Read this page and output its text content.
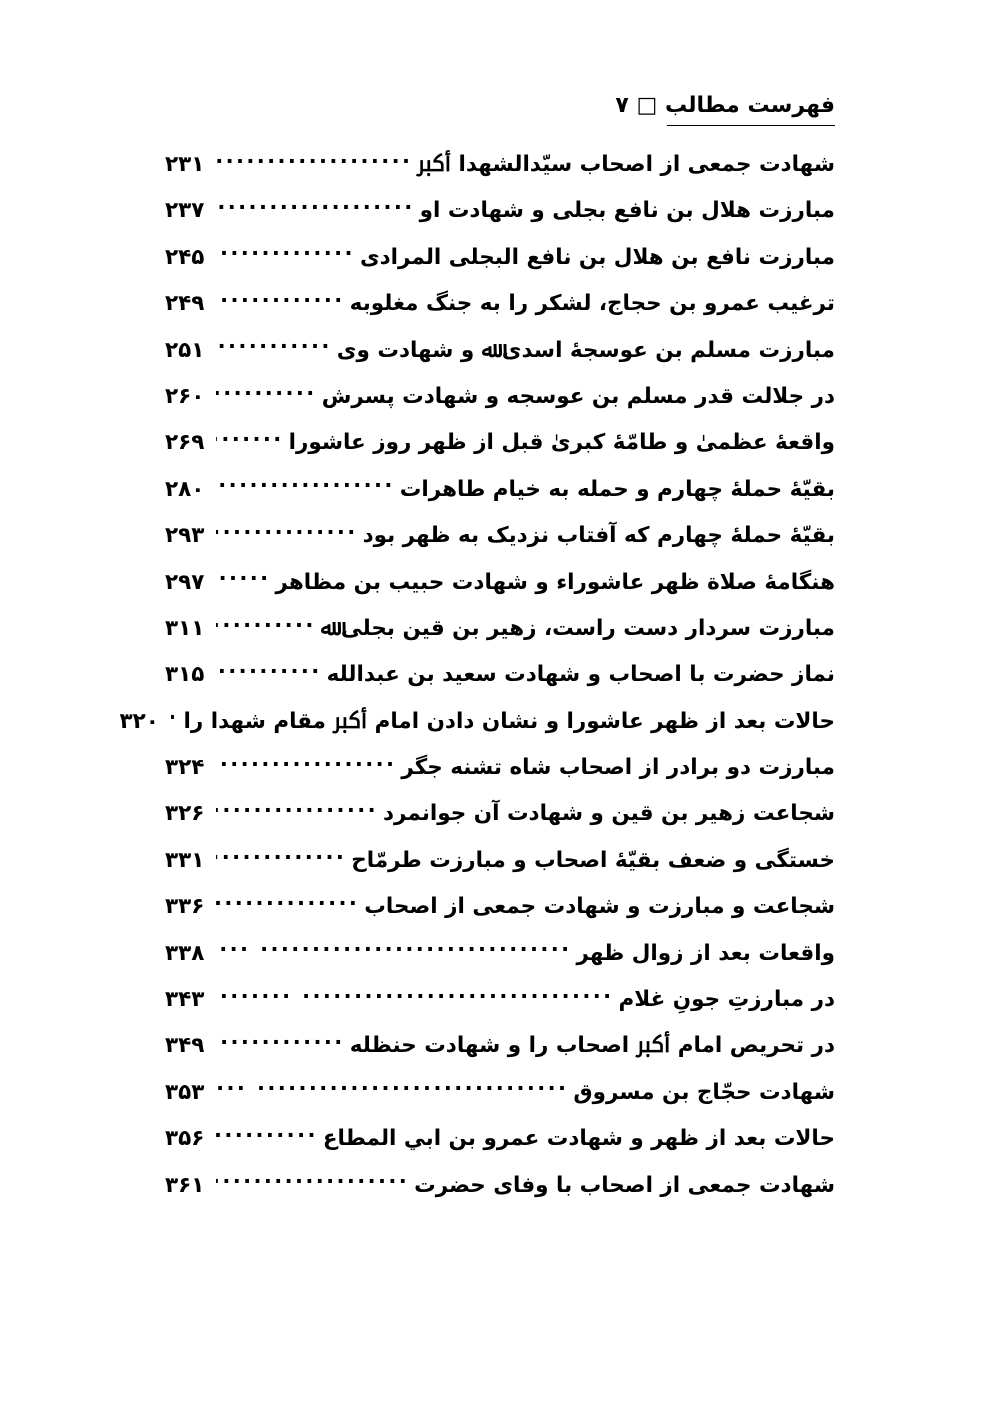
فهرست مطالب □ ۷
شهادت جمعی از اصحاب سیّدالشهدا ﷳ
.....
۲۳۱
مبارزت هلال بن نافع بجلی و شهادت او
.....
۲۳۷
مبارزت نافع بن هلال بن نافع البجلی المرادی
.....
۲۴۵
ترغیب عمرو بن حجاج، لشکر را به جنگ مغلوبه
.....
۲۴۹
مبارزت مسلم بن عوسجهٔ اسدی ﷲ و شهادت وی
.....
۲۵۱
در جلالت قدر مسلم بن عوسجه و شهادت پسرش
.....
۲۶۰
واقعهٔ عظمیٰ و طامّهٔ کبریٰ قبل از ظهر روز عاشورا
.....
۲۶۹
بقیّهٔ حملهٔ چهارم و حمله به خیام طاهرات
.....
۲۸۰
بقیّهٔ حملهٔ چهارم که آفتاب نزدیک به ظهر بود
.....
۲۹۳
هنگامهٔ صلاة ظهر عاشوراء و شهادت حبیب بن مظاهر
.....
۲۹۷
مبارزت سردار دست راست، زهیر بن قین بجلی ﷲ
.....
۳۱۱
نماز حضرت با اصحاب و شهادت سعید بن عبدالله
.....
۳۱۵
حالات بعد از ظهر عاشورا و نشان دادن امام ﷳ مقام شهدا را
.....
۳۲۰
مبارزت دو برادر از اصحاب شاه تشنه جگر
.....
۳۲۴
شجاعت زهیر بن قین و شهادت آن جوانمرد
.....
۳۲۶
خستگی و ضعف بقیّهٔ اصحاب و مبارزت طرمّاح
.....
۳۳۱
شجاعت و مبارزت و شهادت جمعی از اصحاب
.....
۳۳۶
واقعات بعد از زوال ظهر
.....
۳۳۸
در مبارزتِ جونِ غلام
.....
۳۴۳
در تحریص امام ﷳ اصحاب را و شهادت حنظله
.....
۳۴۹
شهادت حجّاج بن مسروق
.....
۳۵۳
حالات بعد از ظهر و شهادت عمرو بن ابي المطاع
.....
۳۵۶
شهادت جمعی از اصحاب با وفای حضرت
.....
۳۶۱
